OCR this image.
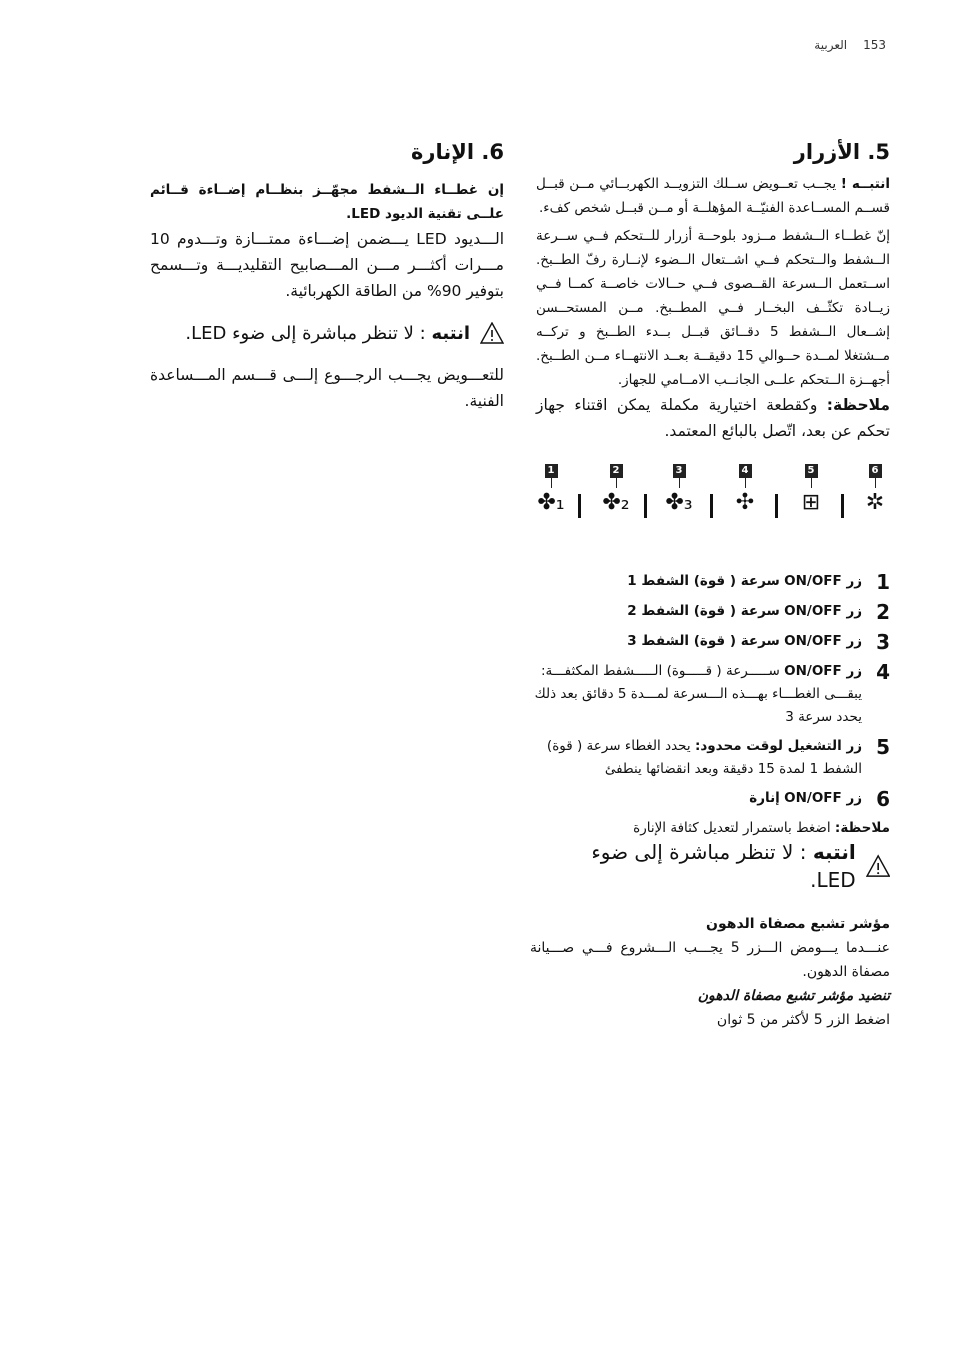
153
العربية
5. الأزرار

انتبــه ! يجــب تعــويض ســلك التزويــد الكهربــائي مــن قبــل قســم المســاعدة الفنيّــة المؤهلــة أو مــن قبــل شخص كفء.

إنّ غطــاء الــشفط مــزود بلوحــة أزرار للــتحكم فــي ســرعة الــشفط والــتحكم فــي اشــتعال الــضوء لإنــارة رفّ الطــبخ. اســتعمل الــسرعة القــصوى فــي حــالات خاصــة كمــا فــي زيــادة تكثّــف البخــار فــي المطــبخ. مــن المستحــسن إشــعال الــشفط 5 دقــائق قبــل بــدء الطــبخ و تركــه مــشتغلا لمــدة حــوالي 15 دقيقــة بعــد الانتهــاء مــن الطــبخ. أجهــزة الــتحكم علــى الجانــب الامــامي للجهاز.

ملاحظة: وكقطعة اختيارية مكملة يمكن اقتناء جهاز تحكم عن بعد، اتّصل بالبائع المعتمد.

1
✤₁
2
✤₂
3
✤₃
4
✣
5
⊞
6
✲
6. الإنارة

إن غطــاء الــشفط مجهّــز بنظــام إضــاءة قــائم علــى تقنية الديود LED.

الـــديود LED يـــضمن إضـــاءة ممتـــازة وتـــدوم 10 مـــرات أكثـــر مـــن المـــصابيح التقليديـــة وتـــسمح بتوفير 90% من الطاقة الكهربائية.

انتبه : لا تنظر مباشرة إلى ضوء LED.

للتعـــويض يجـــب الرجـــوع إلـــى قـــسم المـــساعدة الفنية.

1
زر ON/OFF سرعة ( قوة) الشفط 1
2
زر ON/OFF سرعة ( قوة) الشفط 2
3
زر ON/OFF سرعة ( قوة) الشفط 3
4
زر ON/OFF ســـــرعة ( قـــــوة) الـــــشفط المكثفـــة: يبقـــى الغطـــاء بهـــذه الـــسرعة لمـــدة 5 دقائق بعد ذلك يحدد سرعة 3
5
زر التشغيل لوقت محدود: يحدد الغطاء سرعة ( قوة) الشفط 1 لمدة 15 دقيقة وبعد انقضائها ينطفئ
6
زر ON/OFF إنارة
ملاحظة: اضغط باستمرار لتعديل كثافة الإنارة
انتبه : لا تنظر مباشرة إلى ضوء LED.
مؤشر تشبع مصفاة الدهون
عنـــدما يـــومض الـــزر 5 يجـــب الـــشروع فـــي صـــيانة مصفاة الدهون.
تنضيد مؤشر تشبع مصفاة الدهون
اضغط الزر 5 لأكثر من 5 ثوان
